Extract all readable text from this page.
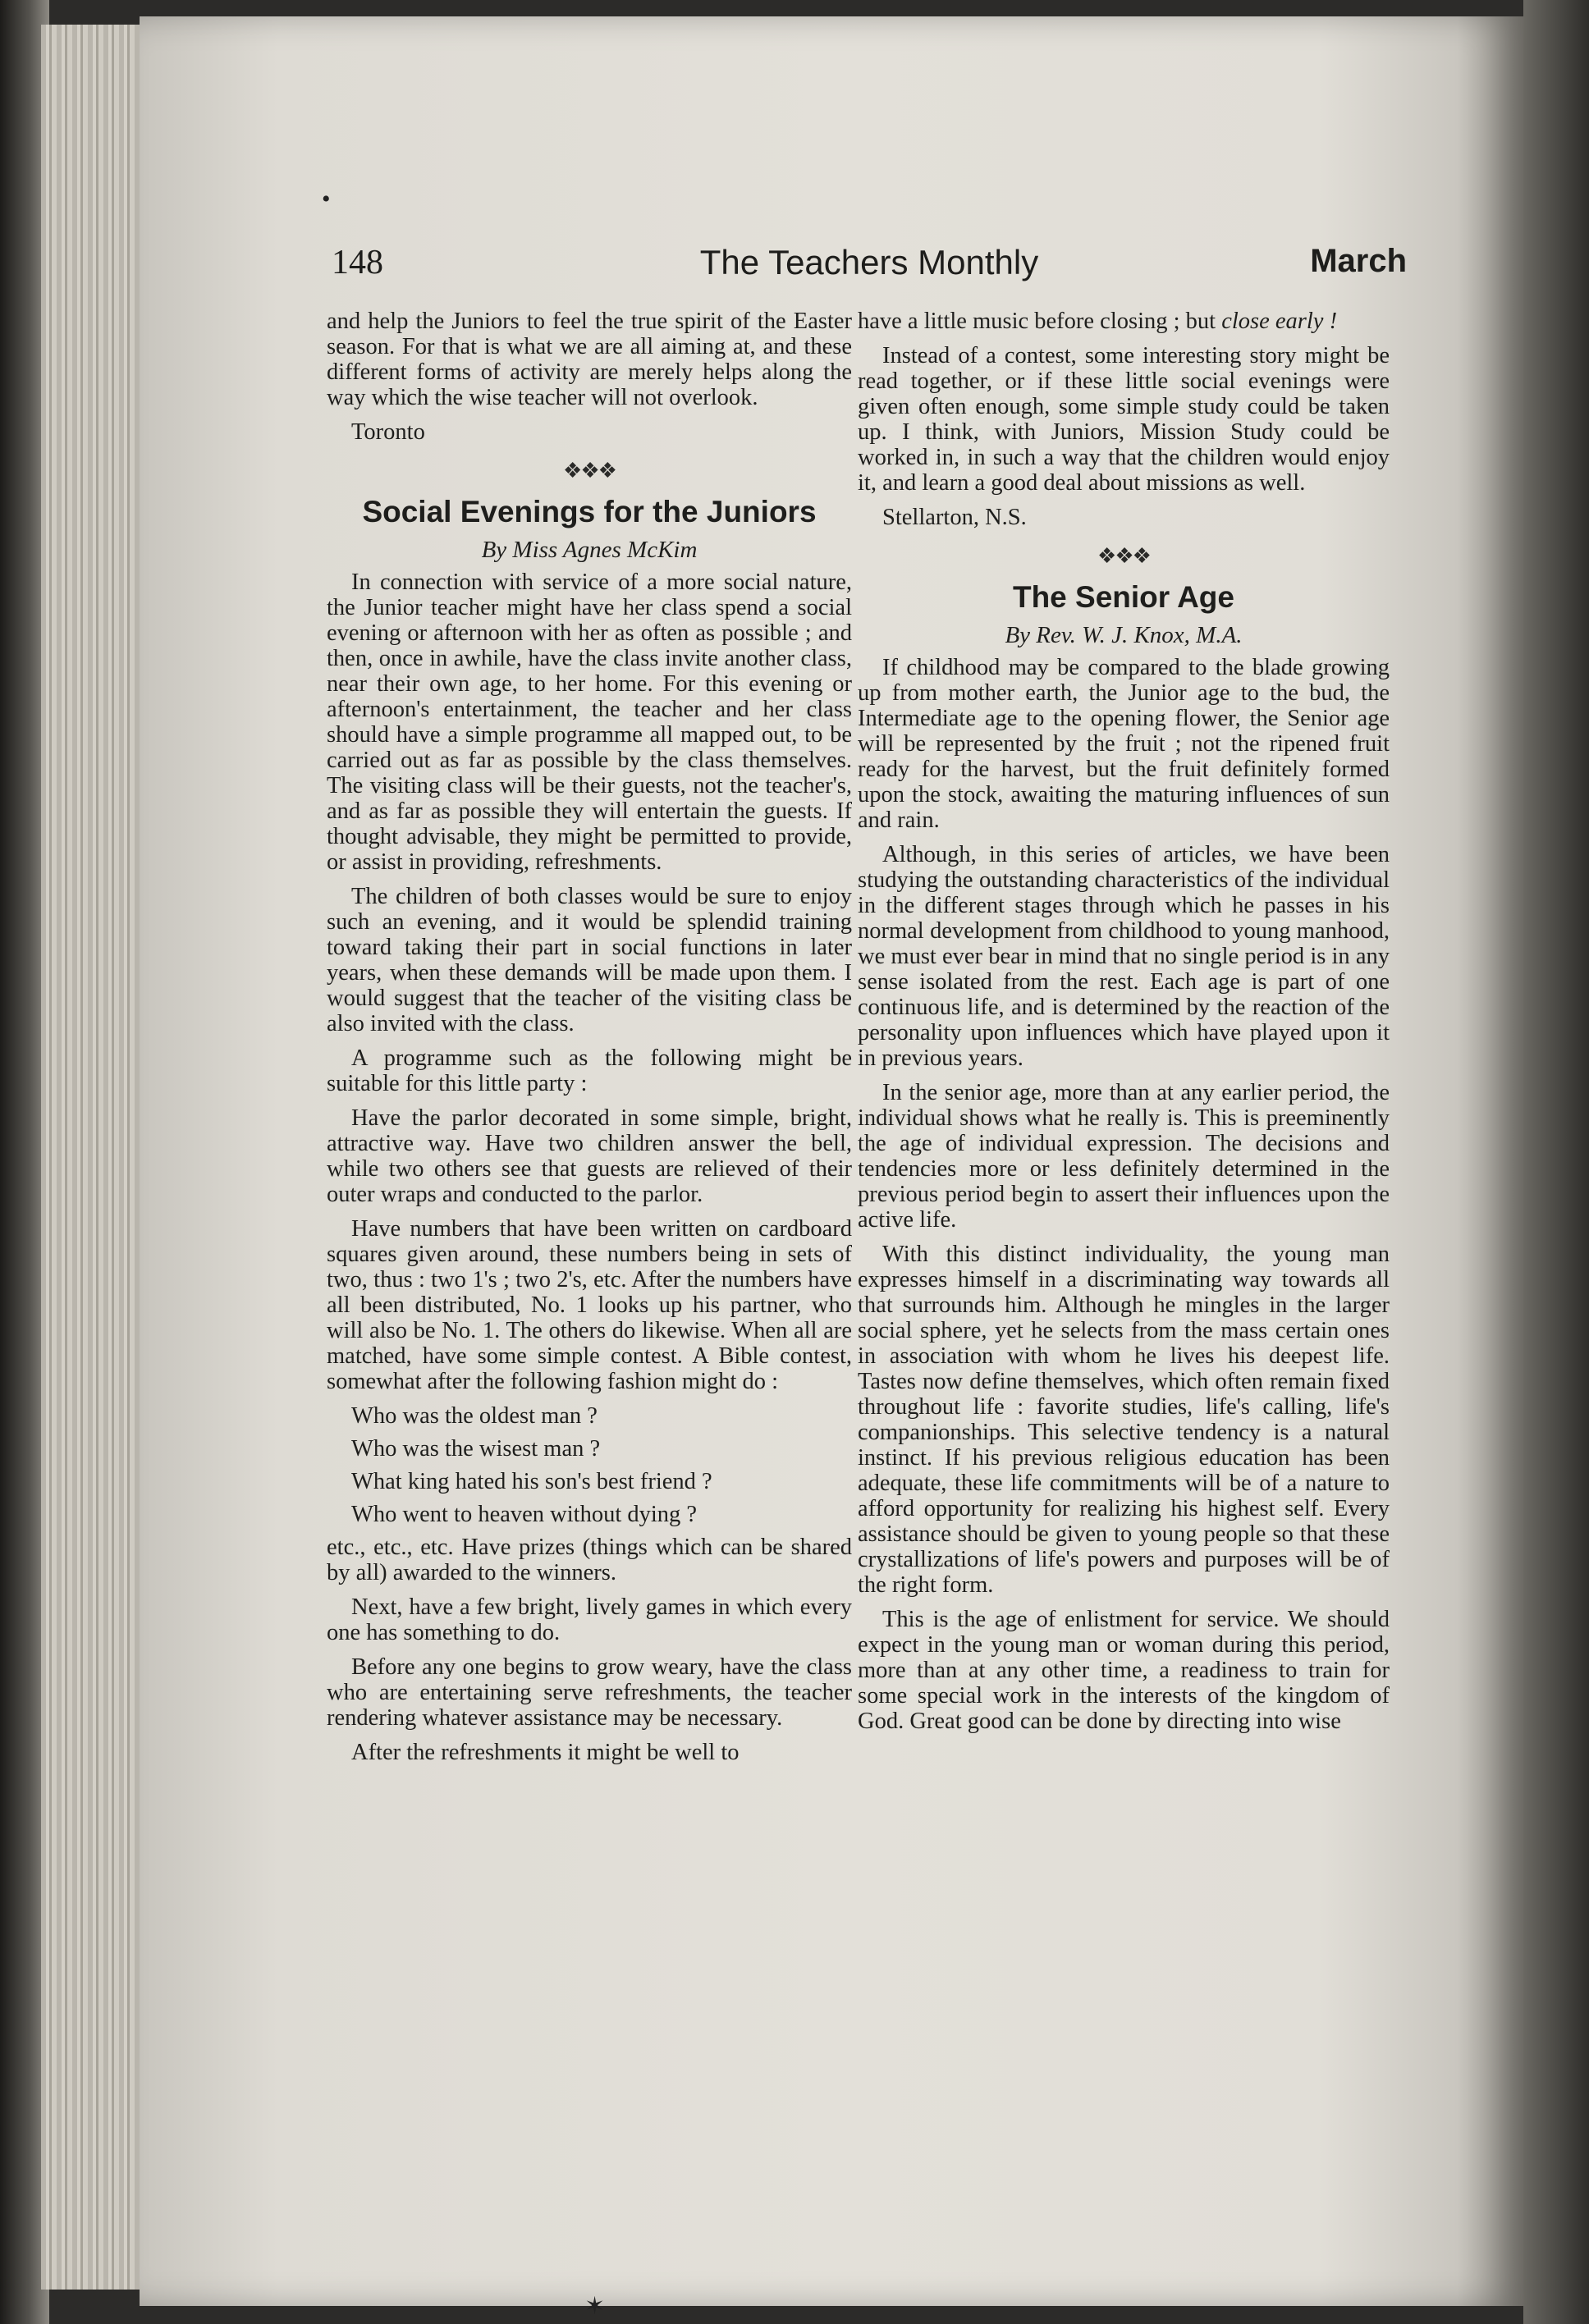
•
✶
148	The Teachers Monthly	March

and help the Juniors to feel the true spirit of the Easter season. For that is what we are all aiming at, and these different forms of activity are merely helps along the way which the wise teacher will not overlook.

Toronto

❖❖❖
Social Evenings for the Juniors
By Miss Agnes McKim

In connection with service of a more social nature, the Junior teacher might have her class spend a social evening or afternoon with her as often as possible ; and then, once in awhile, have the class invite another class, near their own age, to her home. For this evening or afternoon's entertainment, the teacher and her class should have a simple programme all mapped out, to be carried out as far as possible by the class themselves. The visiting class will be their guests, not the teacher's, and as far as possible they will entertain the guests. If thought advisable, they might be permitted to provide, or assist in providing, refreshments.

The children of both classes would be sure to enjoy such an evening, and it would be splendid training toward taking their part in social functions in later years, when these demands will be made upon them. I would suggest that the teacher of the visiting class be also invited with the class.

A programme such as the following might be suitable for this little party :

Have the parlor decorated in some simple, bright, attractive way. Have two children answer the bell, while two others see that guests are relieved of their outer wraps and conducted to the parlor.

Have numbers that have been written on cardboard squares given around, these numbers being in sets of two, thus : two 1's ; two 2's, etc. After the numbers have all been distributed, No. 1 looks up his partner, who will also be No. 1. The others do likewise. When all are matched, have some simple contest. A Bible contest, somewhat after the following fashion might do :

Who was the oldest man ?

Who was the wisest man ?

What king hated his son's best friend ?

Who went to heaven without dying ?

etc., etc., etc. Have prizes (things which can be shared by all) awarded to the winners.

Next, have a few bright, lively games in which every one has something to do.

Before any one begins to grow weary, have the class who are entertaining serve refreshments, the teacher rendering whatever assistance may be necessary.

After the refreshments it might be well to

have a little music before closing ; but close early !

Instead of a contest, some interesting story might be read together, or if these little social evenings were given often enough, some simple study could be taken up. I think, with Juniors, Mission Study could be worked in, in such a way that the children would enjoy it, and learn a good deal about missions as well.

Stellarton, N.S.

❖❖❖
The Senior Age
By Rev. W. J. Knox, M.A.

If childhood may be compared to the blade growing up from mother earth, the Junior age to the bud, the Intermediate age to the opening flower, the Senior age will be represented by the fruit ; not the ripened fruit ready for the harvest, but the fruit definitely formed upon the stock, awaiting the maturing influences of sun and rain.

Although, in this series of articles, we have been studying the outstanding characteristics of the individual in the different stages through which he passes in his normal development from childhood to young manhood, we must ever bear in mind that no single period is in any sense isolated from the rest. Each age is part of one continuous life, and is determined by the reaction of the personality upon influences which have played upon it in previous years.

In the senior age, more than at any earlier period, the individual shows what he really is. This is preeminently the age of individual expression. The decisions and tendencies more or less definitely determined in the previous period begin to assert their influences upon the active life.

With this distinct individuality, the young man expresses himself in a discriminating way towards all that surrounds him. Although he mingles in the larger social sphere, yet he selects from the mass certain ones in association with whom he lives his deepest life. Tastes now define themselves, which often remain fixed throughout life : favorite studies, life's calling, life's companionships. This selective tendency is a natural instinct. If his previous religious education has been adequate, these life commitments will be of a nature to afford opportunity for realizing his highest self. Every assistance should be given to young people so that these crystallizations of life's powers and purposes will be of the right form.

This is the age of enlistment for service. We should expect in the young man or woman during this period, more than at any other time, a readiness to train for some special work in the interests of the kingdom of God. Great good can be done by directing into wise
